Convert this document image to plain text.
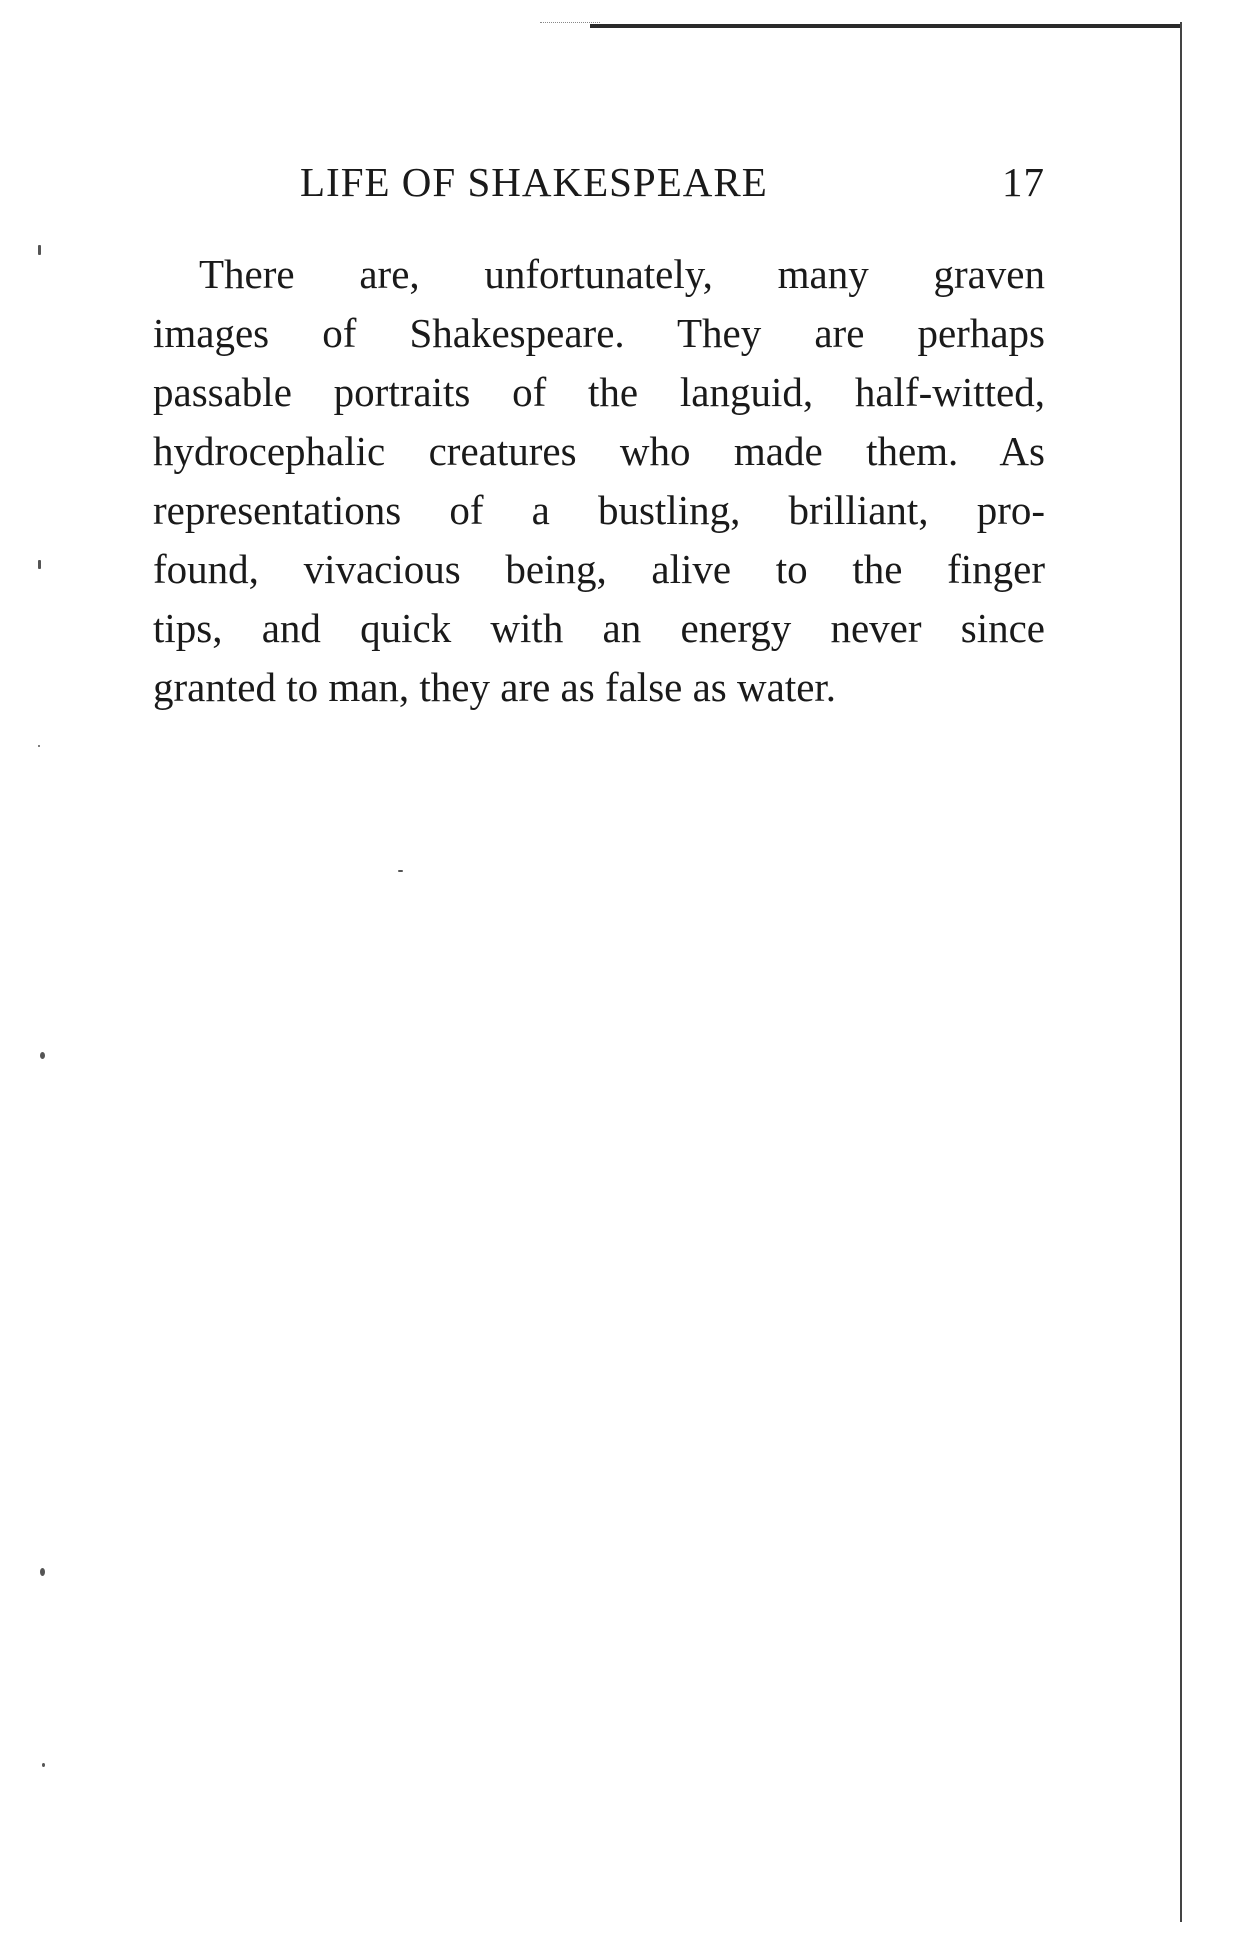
LIFE OF SHAKESPEARE	17
There are, unfortunately, many graven
images of Shakespeare. They are perhaps
passable portraits of the languid, half-witted,
hydrocephalic creatures who made them. As
representations of a bustling, brilliant, pro-
found, vivacious being, alive to the finger
tips, and quick with an energy never since
granted to man, they are as false as water.
